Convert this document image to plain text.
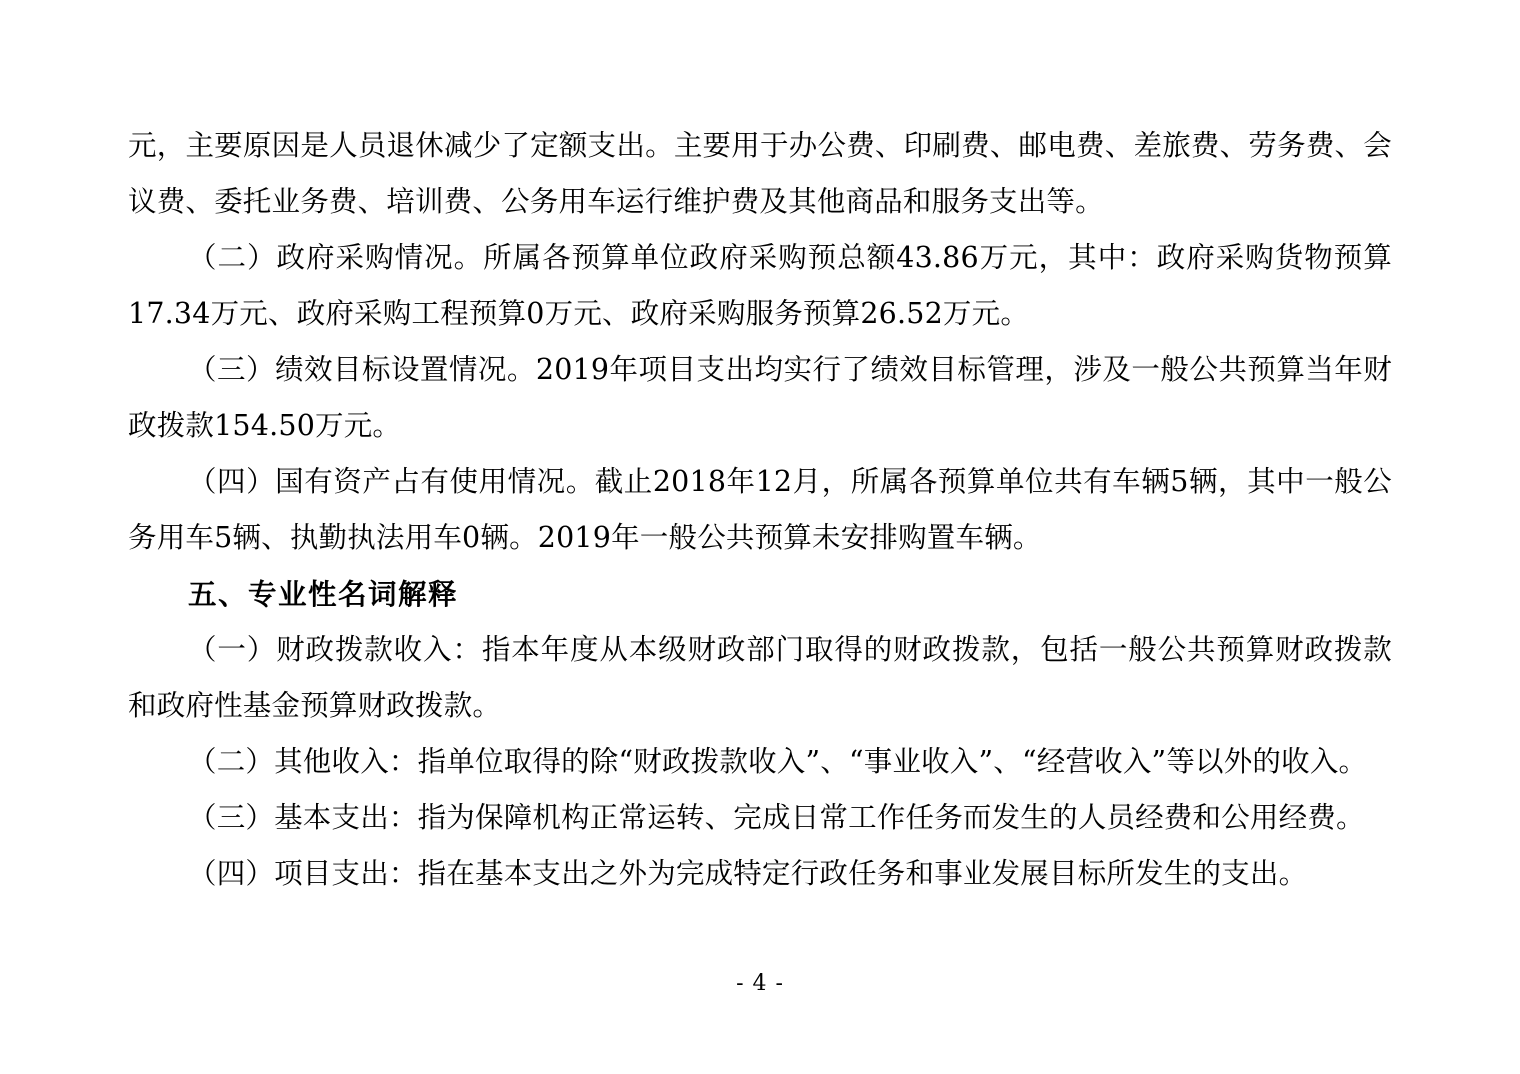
元，主要原因是人员退休减少了定额支出。主要用于办公费、印刷费、邮电费、差旅费、劳务费、会议费、委托业务费、培训费、公务用车运行维护费及其他商品和服务支出等。

（二）政府采购情况。所属各预算单位政府采购预总额43.86万元，其中：政府采购货物预算17.34万元、政府采购工程预算0万元、政府采购服务预算26.52万元。

（三）绩效目标设置情况。2019年项目支出均实行了绩效目标管理，涉及一般公共预算当年财政拨款154.50万元。

（四）国有资产占有使用情况。截止2018年12月，所属各预算单位共有车辆5辆，其中一般公务用车5辆、执勤执法用车0辆。2019年一般公共预算未安排购置车辆。

五、专业性名词解释

（一）财政拨款收入：指本年度从本级财政部门取得的财政拨款，包括一般公共预算财政拨款和政府性基金预算财政拨款。

（二）其他收入：指单位取得的除“财政拨款收入”、“事业收入”、“经营收入”等以外的收入。

（三）基本支出：指为保障机构正常运转、完成日常工作任务而发生的人员经费和公用经费。

（四）项目支出：指在基本支出之外为完成特定行政任务和事业发展目标所发生的支出。

- 4 -
